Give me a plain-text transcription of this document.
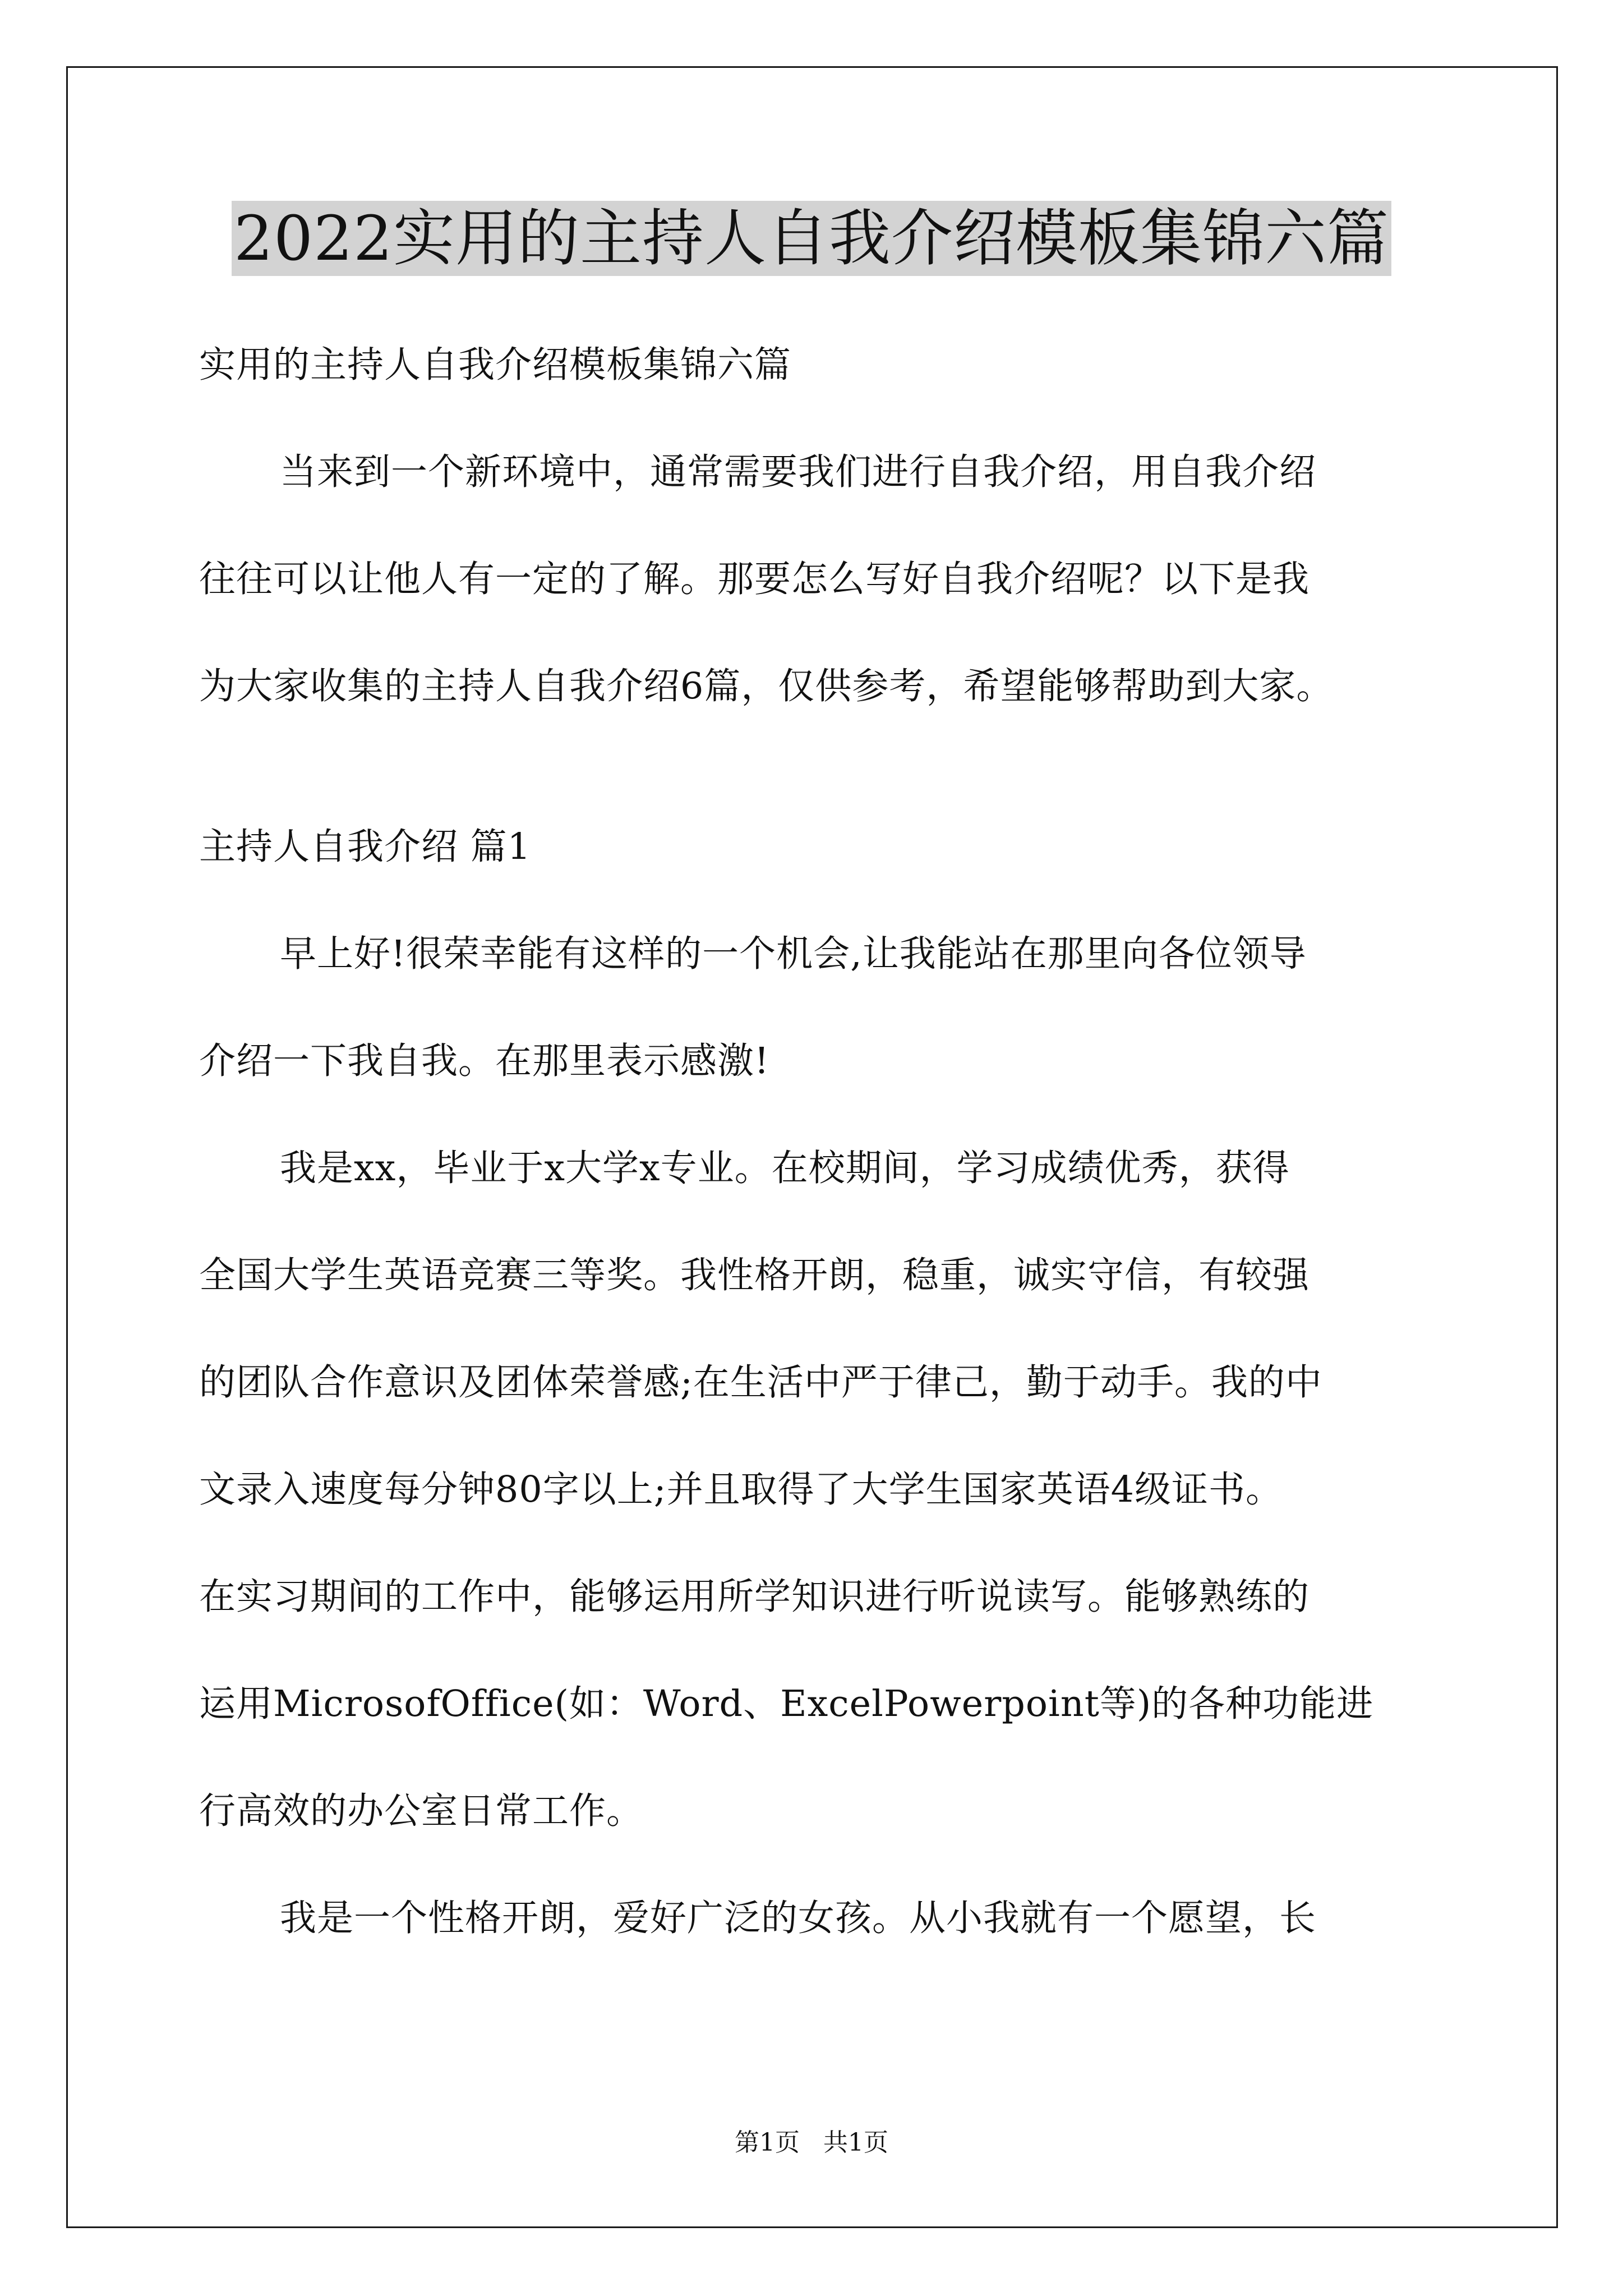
2022实用的主持人自我介绍模板集锦六篇
实用的主持人自我介绍模板集锦六篇
当来到一个新环境中，通常需要我们进行自我介绍，用自我介绍
往往可以让他人有一定的了解。那要怎么写好自我介绍呢？以下是我
为大家收集的主持人自我介绍6篇，仅供参考，希望能够帮助到大家。
主持人自我介绍 篇1
早上好!很荣幸能有这样的一个机会,让我能站在那里向各位领导
介绍一下我自我。在那里表示感激!
我是xx，毕业于x大学x专业。在校期间，学习成绩优秀，获得
全国大学生英语竞赛三等奖。我性格开朗，稳重，诚实守信，有较强
的团队合作意识及团体荣誉感;在生活中严于律己，勤于动手。我的中
文录入速度每分钟80字以上;并且取得了大学生国家英语4级证书。
在实习期间的工作中，能够运用所学知识进行听说读写。能够熟练的
运用MicrosofOffice(如：Word、ExcelPowerpoint等)的各种功能进
行高效的办公室日常工作。
我是一个性格开朗，爱好广泛的女孩。从小我就有一个愿望，长
第1页   共1页
